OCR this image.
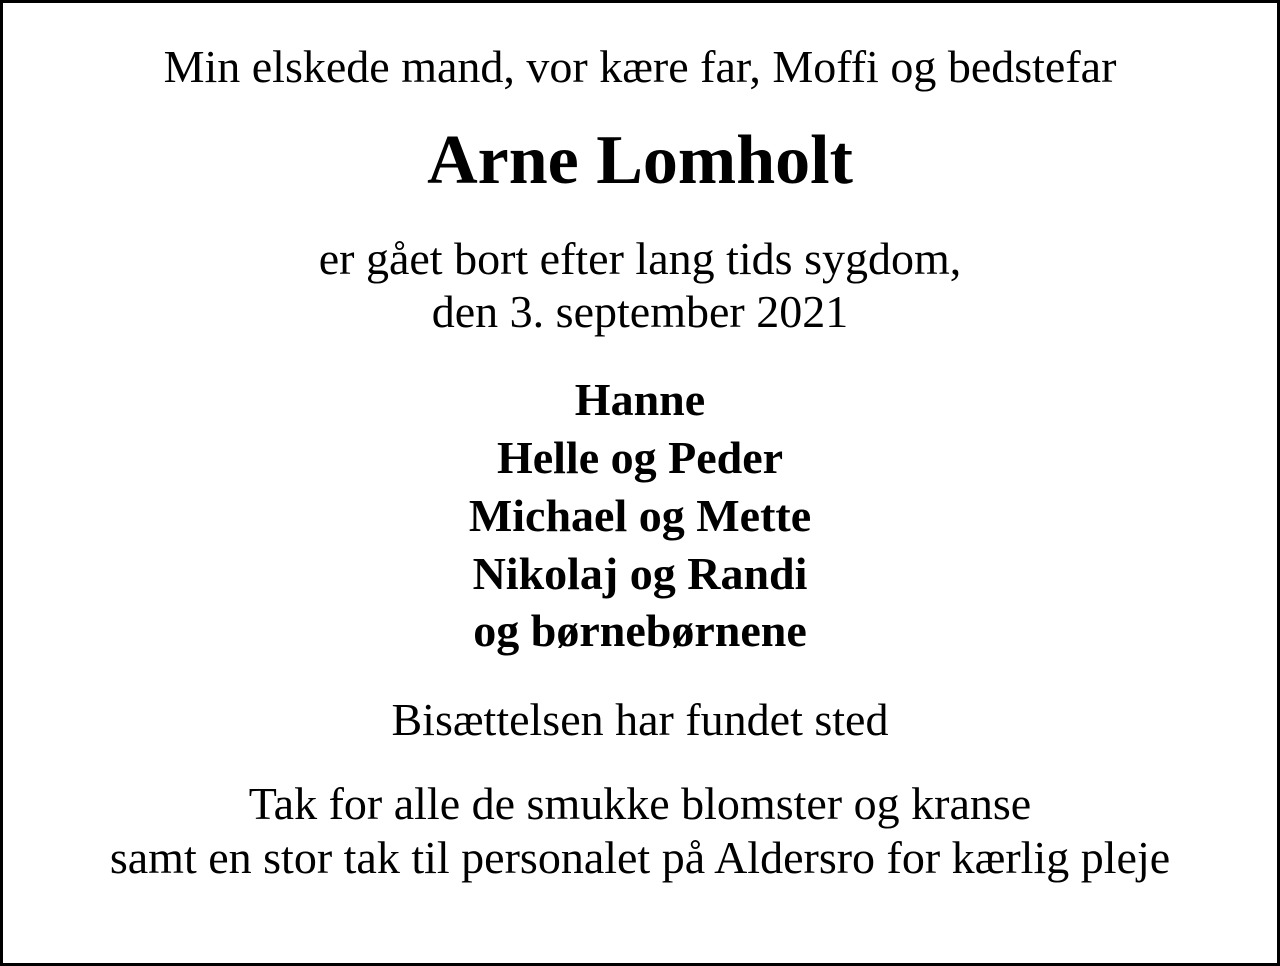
Min elskede mand, vor kære far, Moffi og bedstefar
Arne Lomholt
er gået bort efter lang tids sygdom,
den 3. september 2021
Hanne
Helle og Peder
Michael og Mette
Nikolaj og Randi
og børnebørnene
Bisættelsen har fundet sted
Tak for alle de smukke blomster og kranse
samt en stor tak til personalet på Aldersro for kærlig pleje
